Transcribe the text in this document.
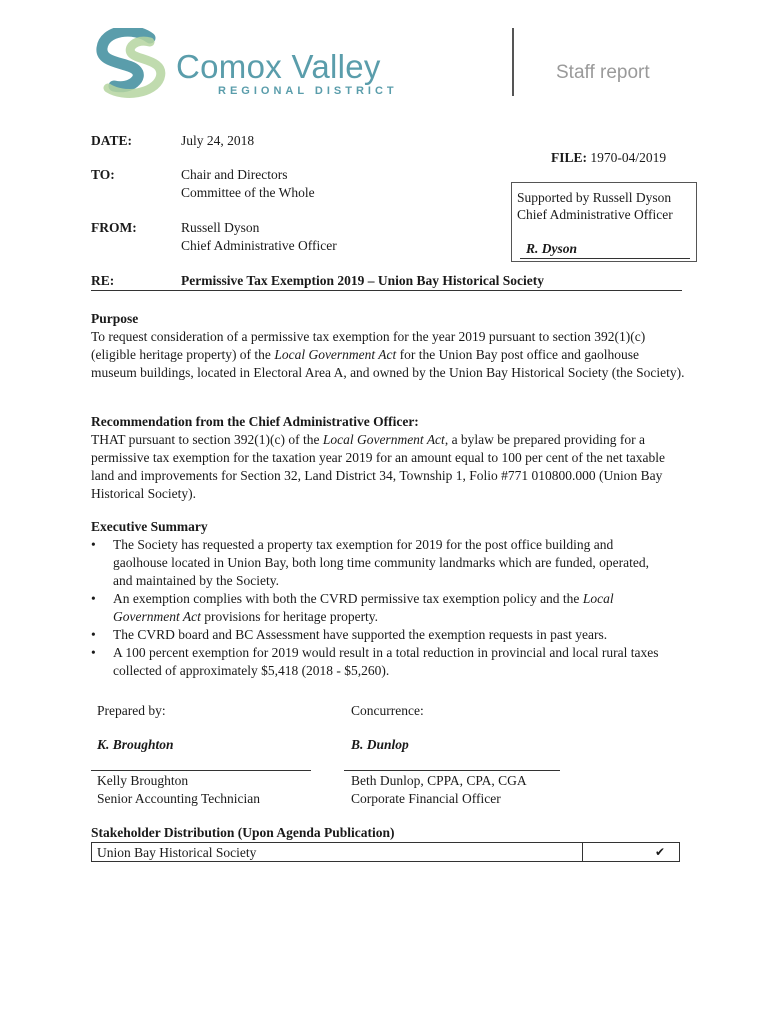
Comox Valley
REGIONAL DISTRICT
Staff report
DATE:	July 24, 2018
FILE: 1970-04/2019
TO:	Chair and Directors
Committee of the Whole	Supported by Russell Dyson
Chief Administrative Officer
R. Dyson
FROM:	Russell Dyson
Chief Administrative Officer
RE:	Permissive Tax Exemption 2019 – Union Bay Historical Society

Purpose

To request consideration of a permissive tax exemption for the year 2019 pursuant to section 392(1)(c) (eligible heritage property) of the Local Government Act for the Union Bay post office and gaolhouse museum buildings, located in Electoral Area A, and owned by the Union Bay Historical Society (the Society).

Recommendation from the Chief Administrative Officer:

THAT pursuant to section 392(1)(c) of the Local Government Act, a bylaw be prepared providing for a permissive tax exemption for the taxation year 2019 for an amount equal to 100 per cent of the net taxable land and improvements for Section 32, Land District 34, Township 1, Folio #771 010800.000 (Union Bay Historical Society).

Executive Summary

• The Society has requested a property tax exemption for 2019 for the post office building and gaolhouse located in Union Bay, both long time community landmarks which are funded, operated, and maintained by the Society.
• An exemption complies with both the CVRD permissive tax exemption policy and the Local Government Act provisions for heritage property.
• The CVRD board and BC Assessment have supported the exemption requests in past years.
• A 100 percent exemption for 2019 would result in a total reduction in provincial and local rural taxes collected of approximately $5,418 (2018 - $5,260).
Prepared by:
K. Broughton
Kelly Broughton
Senior Accounting Technician
Concurrence:
B. Dunlop
Beth Dunlop, CPPA, CPA, CGA
Corporate Financial Officer
Stakeholder Distribution (Upon Agenda Publication)
Union Bay Historical Society	✔
